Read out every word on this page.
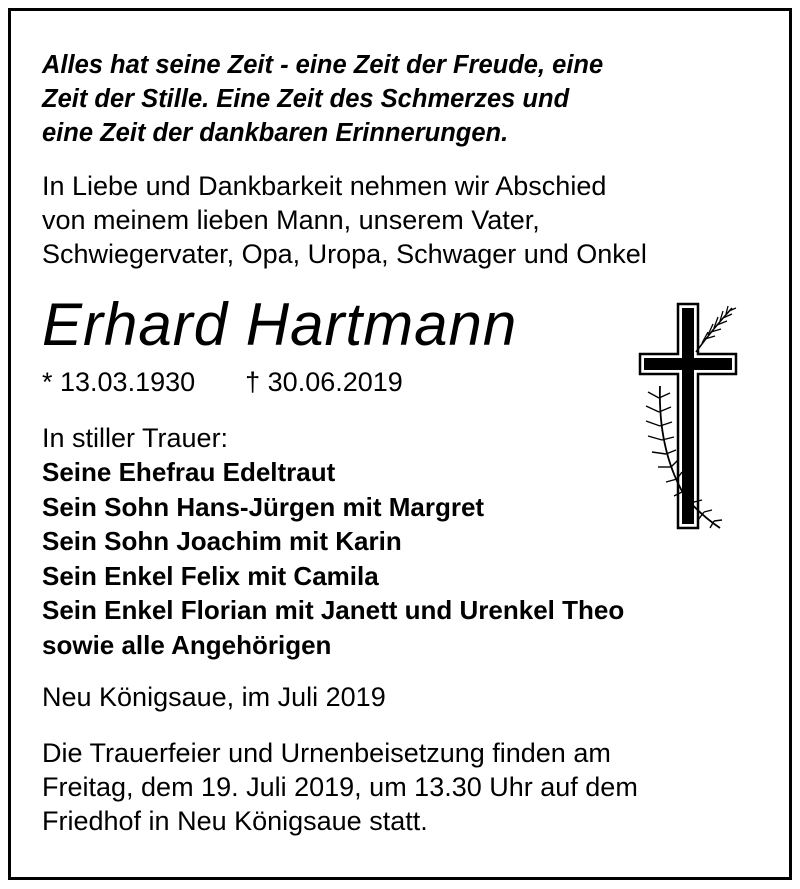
Alles hat seine Zeit - eine Zeit der Freude, eine
Zeit der Stille. Eine Zeit des Schmerzes und
eine Zeit der dankbaren Erinnerungen.
In Liebe und Dankbarkeit nehmen wir Abschied
von meinem lieben Mann, unserem Vater,
Schwiegervater, Opa, Uropa, Schwager und Onkel
Erhard Hartmann
* 13.03.1930 † 30.06.2019
In stiller Trauer:
Seine Ehefrau Edeltraut
Sein Sohn Hans-Jürgen mit Margret
Sein Sohn Joachim mit Karin
Sein Enkel Felix mit Camila
Sein Enkel Florian mit Janett und Urenkel Theo
sowie alle Angehörigen
Neu Königsaue, im Juli 2019
Die Trauerfeier und Urnenbeisetzung finden am
Freitag, dem 19. Juli 2019, um 13.30 Uhr auf dem
Friedhof in Neu Königsaue statt.
